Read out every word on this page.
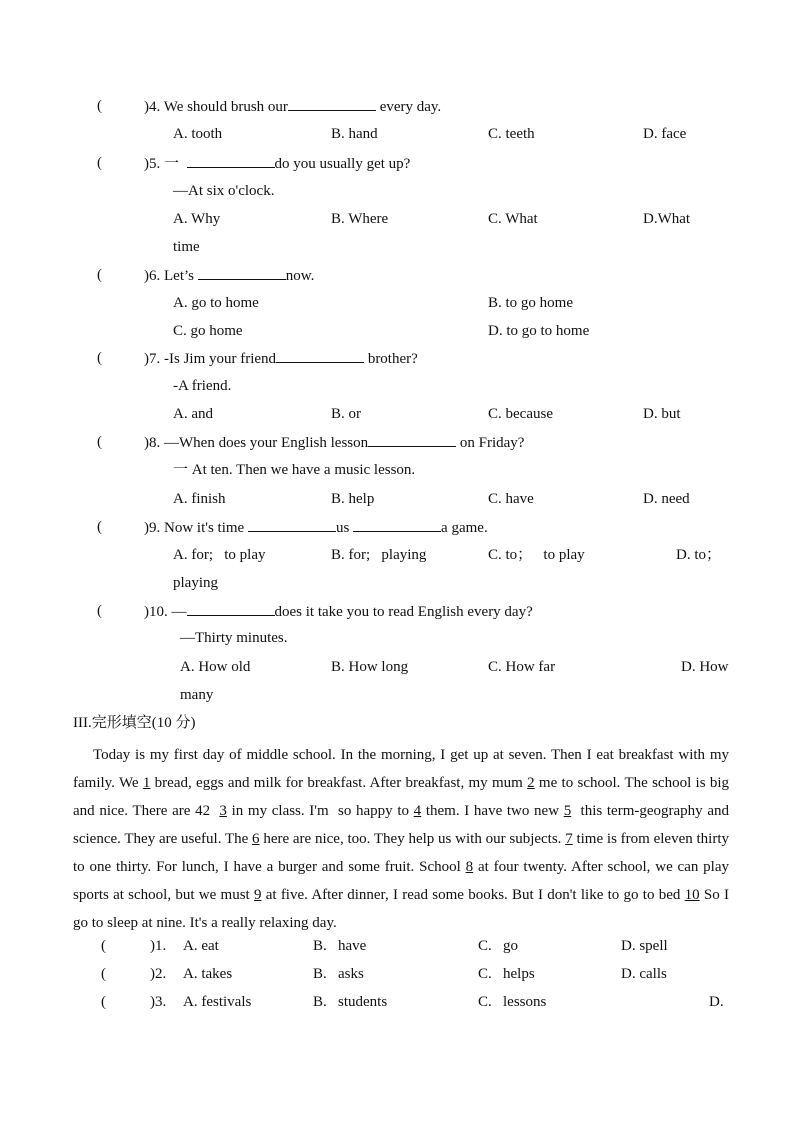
(	)4. We should brush our	every day.
A. tooth	B. hand	C. teeth	D. face
(	)5. 一	do you usually get up?
—At six o'clock.
A. Why	B. Where	C. What	D.What
time
(	)6. Let’s	now.
A. go to home	B. to go home
C. go home	D. to go to home
(	)7. -Is Jim your friend	brother?
-A friend.
A. and	B. or	C. because	D. but
(	)8. —When does your English lesson	on Friday?
一 At ten. Then we have a music lesson.
A. finish	B. help	C. have	D. need
(	)9. Now it's time	us	a game.
A. for;   to play	B. for;   playing	C. to；   to play	D. to；
playing
(	)10. —	does it take you to read English every day?
—Thirty minutes.
A. How old	B. How long	C. How far	D. How
many
III.完形填空(10 分)
Today is my first day of middle school. In the morning, I get up at seven. Then I eat breakfast with my family. We 1 bread, eggs and milk for breakfast. After breakfast, my mum 2 me to school. The school is big and nice. There are 42  3 in my class. I'm  so happy to 4 them. I have two new 5  this term-geography and science. They are useful. The 6 here are nice, too. They help us with our subjects. 7 time is from eleven thirty to one thirty. For lunch, I have a burger and some fruit. School 8 at four twenty. After school, we can play sports at school, but we must 9 at five. After dinner, I read some books. But I don't like to go to bed 10 So I go to sleep at nine. It's a really relaxing day.
(	)1. A. eat	B.   have	C.   go	D. spell
(	)2. A. takes	B.   asks	C.   helps	D. calls
(	)3. A. festivals	B.   students	C.   lessons	D.
